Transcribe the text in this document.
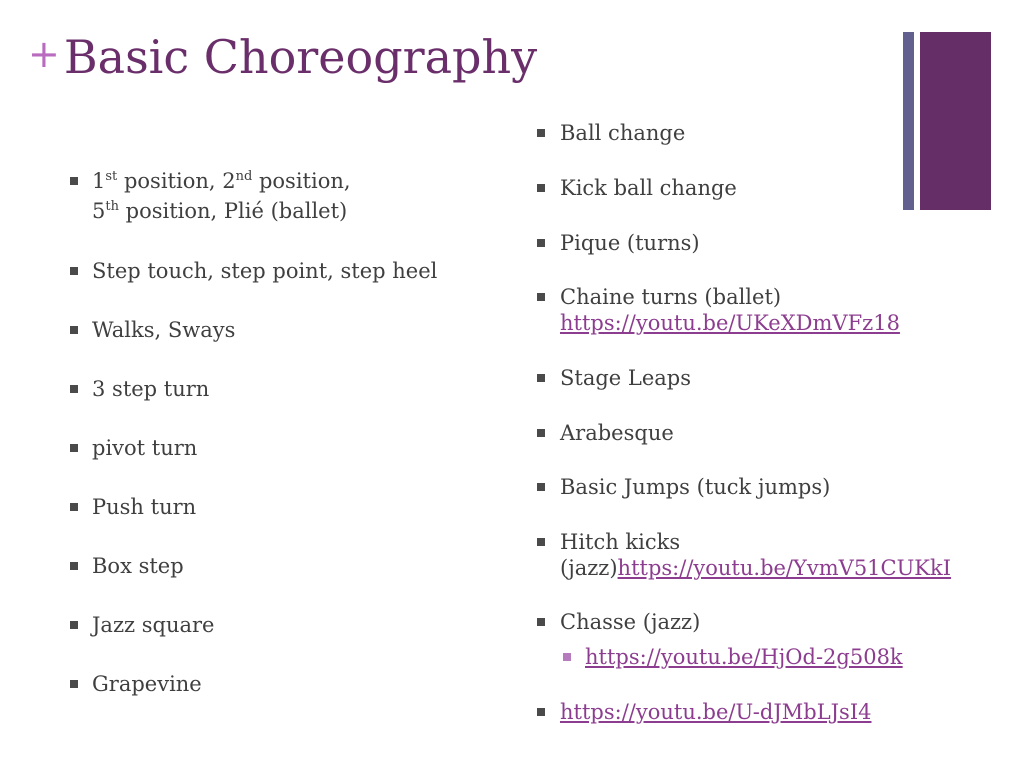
+Basic Choreography
1st position, 2nd position,
5th position, Plié (ballet)
Step touch, step point, step heel
Walks, Sways
3 step turn
pivot turn
Push turn
Box step
Jazz square
Grapevine
Ball change
Kick ball change
Pique (turns)
Chaine turns (ballet)
https://youtu.be/UKeXDmVFz18
Stage Leaps
Arabesque
Basic Jumps (tuck jumps)
Hitch kicks
(jazz)https://youtu.be/YvmV51CUKkI
Chasse (jazz)
https://youtu.be/HjOd-2g508k
https://youtu.be/U-dJMbLJsI4
